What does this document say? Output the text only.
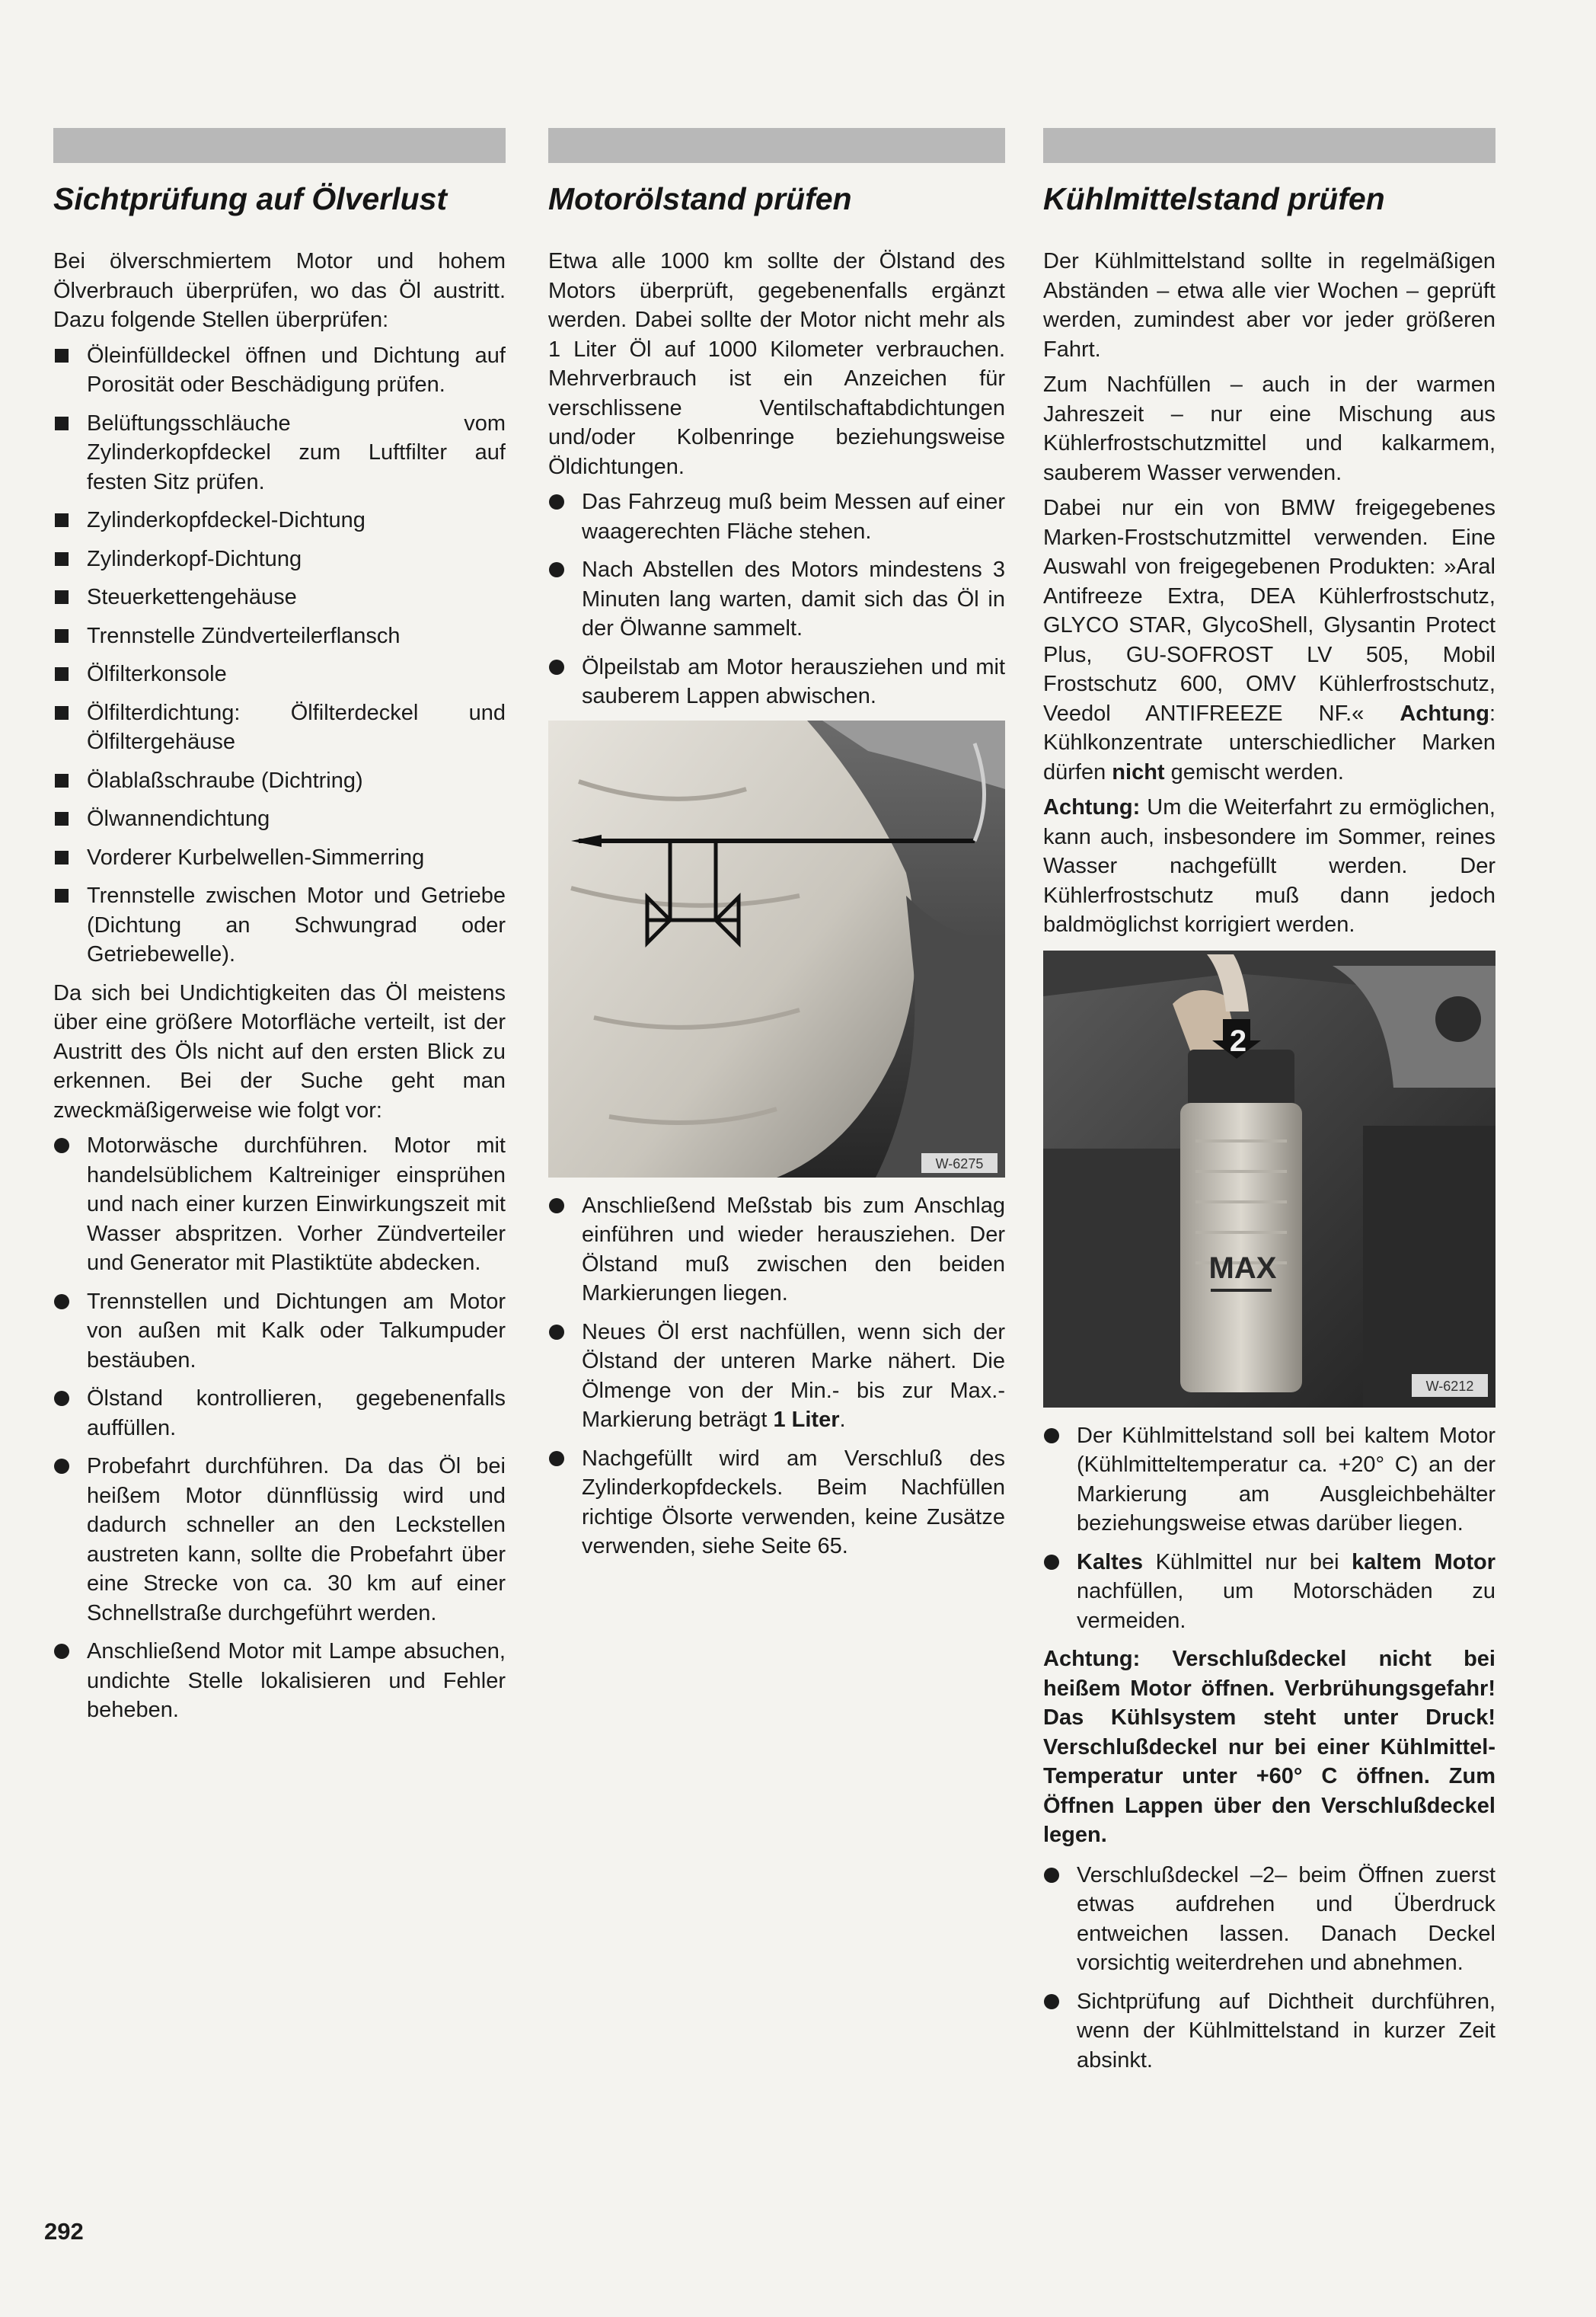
Sichtprüfung auf Ölverlust

Bei ölverschmiertem Motor und hohem Ölverbrauch überprüfen, wo das Öl austritt. Dazu folgende Stellen überprüfen:

Öleinfülldeckel öffnen und Dichtung auf Porosität oder Beschädigung prüfen.
Belüftungsschläuche vom Zylinderkopfdeckel zum Luftfilter auf festen Sitz prüfen.
Zylinderkopfdeckel-Dichtung
Zylinderkopf-Dichtung
Steuerkettengehäuse
Trennstelle Zündverteilerflansch
Ölfilterkonsole
Ölfilterdichtung: Ölfilterdeckel und Ölfiltergehäuse
Ölablaßschraube (Dichtring)
Ölwannendichtung
Vorderer Kurbelwellen-Simmerring
Trennstelle zwischen Motor und Getriebe (Dichtung an Schwungrad oder Getriebewelle).

Da sich bei Undichtigkeiten das Öl meistens über eine größere Motorfläche verteilt, ist der Austritt des Öls nicht auf den ersten Blick zu erkennen. Bei der Suche geht man zweckmäßigerweise wie folgt vor:

Motorwäsche durchführen. Motor mit handelsüblichem Kaltreiniger einsprühen und nach einer kurzen Einwirkungszeit mit Wasser abspritzen. Vorher Zündverteiler und Generator mit Plastiktüte abdecken.
Trennstellen und Dichtungen am Motor von außen mit Kalk oder Talkumpuder bestäuben.
Ölstand kontrollieren, gegebenenfalls auffüllen.
Probefahrt durchführen. Da das Öl bei heißem Motor dünnflüssig wird und dadurch schneller an den Leckstellen austreten kann, sollte die Probefahrt über eine Strecke von ca. 30 km auf einer Schnellstraße durchgeführt werden.
Anschließend Motor mit Lampe absuchen, undichte Stelle lokalisieren und Fehler beheben.
Motorölstand prüfen

Etwa alle 1000 km sollte der Ölstand des Motors überprüft, gegebenenfalls ergänzt werden. Dabei sollte der Motor nicht mehr als 1 Liter Öl auf 1000 Kilometer verbrauchen. Mehrverbrauch ist ein Anzeichen für verschlissene Ventilschaftabdichtungen und/oder Kolbenringe beziehungsweise Öldichtungen.

Das Fahrzeug muß beim Messen auf einer waagerechten Fläche stehen.
Nach Abstellen des Motors mindestens 3 Minuten lang warten, damit sich das Öl in der Ölwanne sammelt.
Ölpeilstab am Motor herausziehen und mit sauberem Lappen abwischen.
W-6275
Anschließend Meßstab bis zum Anschlag einführen und wieder herausziehen. Der Ölstand muß zwischen den beiden Markierungen liegen.
Neues Öl erst nachfüllen, wenn sich der Ölstand der unteren Marke nähert. Die Ölmenge von der Min.- bis zur Max.-Markierung beträgt 1 Liter.
Nachgefüllt wird am Verschluß des Zylinderkopfdeckels. Beim Nachfüllen richtige Ölsorte verwenden, keine Zusätze verwenden, siehe Seite 65.
Kühlmittelstand prüfen

Der Kühlmittelstand sollte in regelmäßigen Abständen – etwa alle vier Wochen – geprüft werden, zumindest aber vor jeder größeren Fahrt.

Zum Nachfüllen – auch in der warmen Jahreszeit – nur eine Mischung aus Kühlerfrostschutzmittel und kalkarmem, sauberem Wasser verwenden.

Dabei nur ein von BMW freigegebenes Marken-Frostschutzmittel verwenden. Eine Auswahl von freigegebenen Produkten: »Aral Antifreeze Extra, DEA Kühlerfrostschutz, GLYCO STAR, GlycoShell, Glysantin Protect Plus, GU-SOFROST LV 505, Mobil Frostschutz 600, OMV Kühlerfrostschutz, Veedol ANTIFREEZE NF.« Achtung: Kühlkonzentrate unterschiedlicher Marken dürfen nicht gemischt werden.

Achtung: Um die Weiterfahrt zu ermöglichen, kann auch, insbesondere im Sommer, reines Wasser nachgefüllt werden. Der Kühlerfrostschutz muß dann jedoch baldmöglichst korrigiert werden.

2
MAX
W-6212
Der Kühlmittelstand soll bei kaltem Motor (Kühlmitteltemperatur ca. +20° C) an der Markierung am Ausgleichbehälter beziehungsweise etwas darüber liegen.
Kaltes Kühlmittel nur bei kaltem Motor nachfüllen, um Motorschäden zu vermeiden.

Achtung: Verschlußdeckel nicht bei heißem Motor öffnen. Verbrühungsgefahr! Das Kühlsystem steht unter Druck! Verschlußdeckel nur bei einer Kühlmittel-Temperatur unter +60° C öffnen. Zum Öffnen Lappen über den Verschlußdeckel legen.

Verschlußdeckel –2– beim Öffnen zuerst etwas aufdrehen und Überdruck entweichen lassen. Danach Deckel vorsichtig weiterdrehen und abnehmen.
Sichtprüfung auf Dichtheit durchführen, wenn der Kühlmittelstand in kurzer Zeit absinkt.
292
